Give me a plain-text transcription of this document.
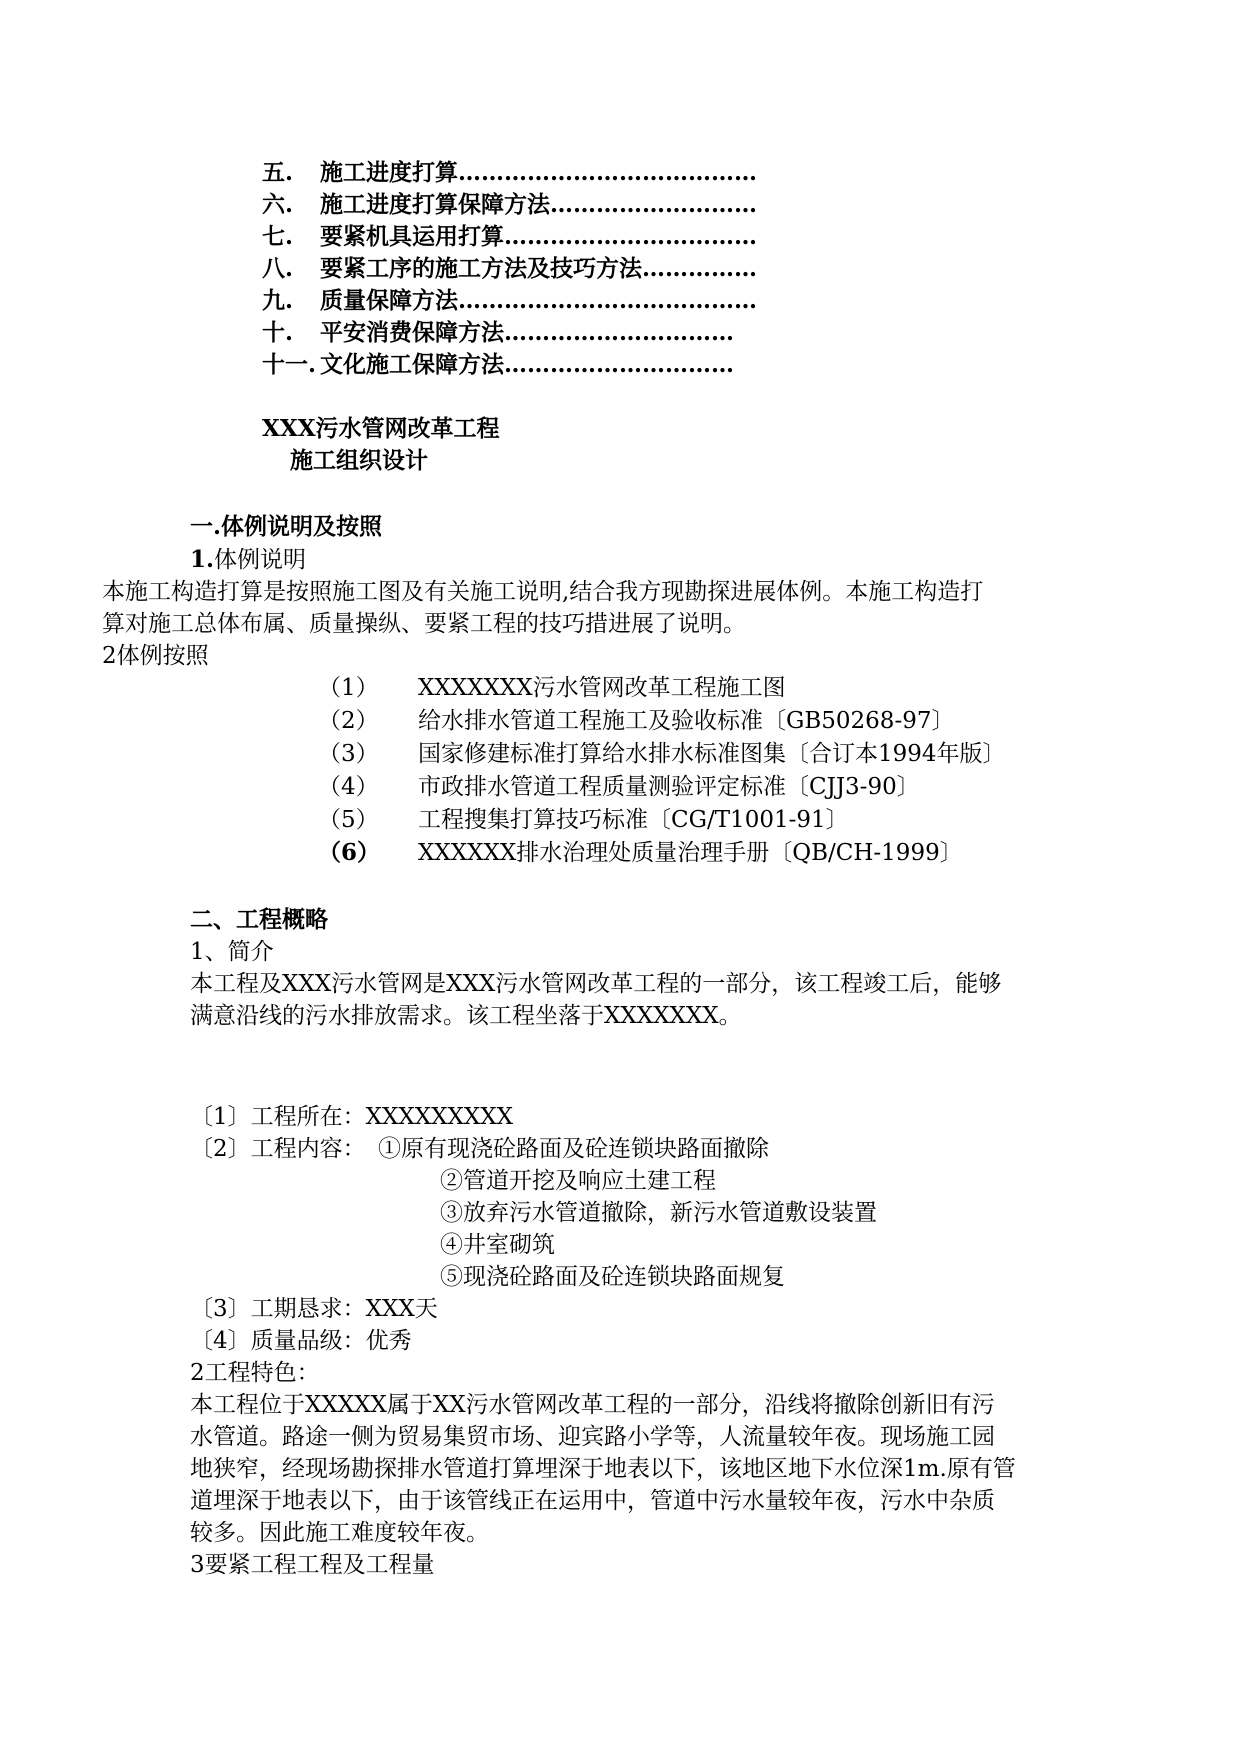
五. 施工进度打算…………………………………
六. 施工进度打算保障方法………………………
七. 要紧机具运用打算……………………………
八. 要紧工序的施工方法及技巧方法……………
九. 质量保障方法…………………………………
十. 平安消费保障方法…………………………
十一. 文化施工保障方法…………………………
XXX污水管网改革工程
施工组织设计
一.体例说明及按照
1.体例说明
本施工构造打算是按照施工图及有关施工说明,结合我方现勘探进展体例。本施工构造打
算对施工总体布属、质量操纵、要紧工程的技巧措进展了说明。
2体例按照
（1） XXXXXXX污水管网改革工程施工图
（2） 给水排水管道工程施工及验收标准〔GB50268-97〕
（3） 国家修建标准打算给水排水标准图集〔合订本1994年版〕
（4） 市政排水管道工程质量测验评定标准〔CJJ3-90〕
（5） 工程搜集打算技巧标准〔CG/T1001-91〕
（6） XXXXXX排水治理处质量治理手册〔QB/CH-1999〕
二、工程概略
1、简介
本工程及XXX污水管网是XXX污水管网改革工程的一部分，该工程竣工后，能够
满意沿线的污水排放需求。该工程坐落于XXXXXXX。
〔1〕工程所在：XXXXXXXXX
〔2〕工程内容： ①原有现浇砼路面及砼连锁块路面撤除
②管道开挖及响应土建工程
③放弃污水管道撤除，新污水管道敷设装置
④井室砌筑
⑤现浇砼路面及砼连锁块路面规复
〔3〕工期恳求：XXX天
〔4〕质量品级：优秀
2工程特色：
本工程位于XXXXX属于XX污水管网改革工程的一部分，沿线将撤除创新旧有污
水管道。路途一侧为贸易集贸市场、迎宾路小学等，人流量较年夜。现场施工园
地狭窄，经现场勘探排水管道打算埋深于地表以下，该地区地下水位深1m.原有管
道埋深于地表以下，由于该管线正在运用中，管道中污水量较年夜，污水中杂质
较多。因此施工难度较年夜。
3要紧工程工程及工程量
